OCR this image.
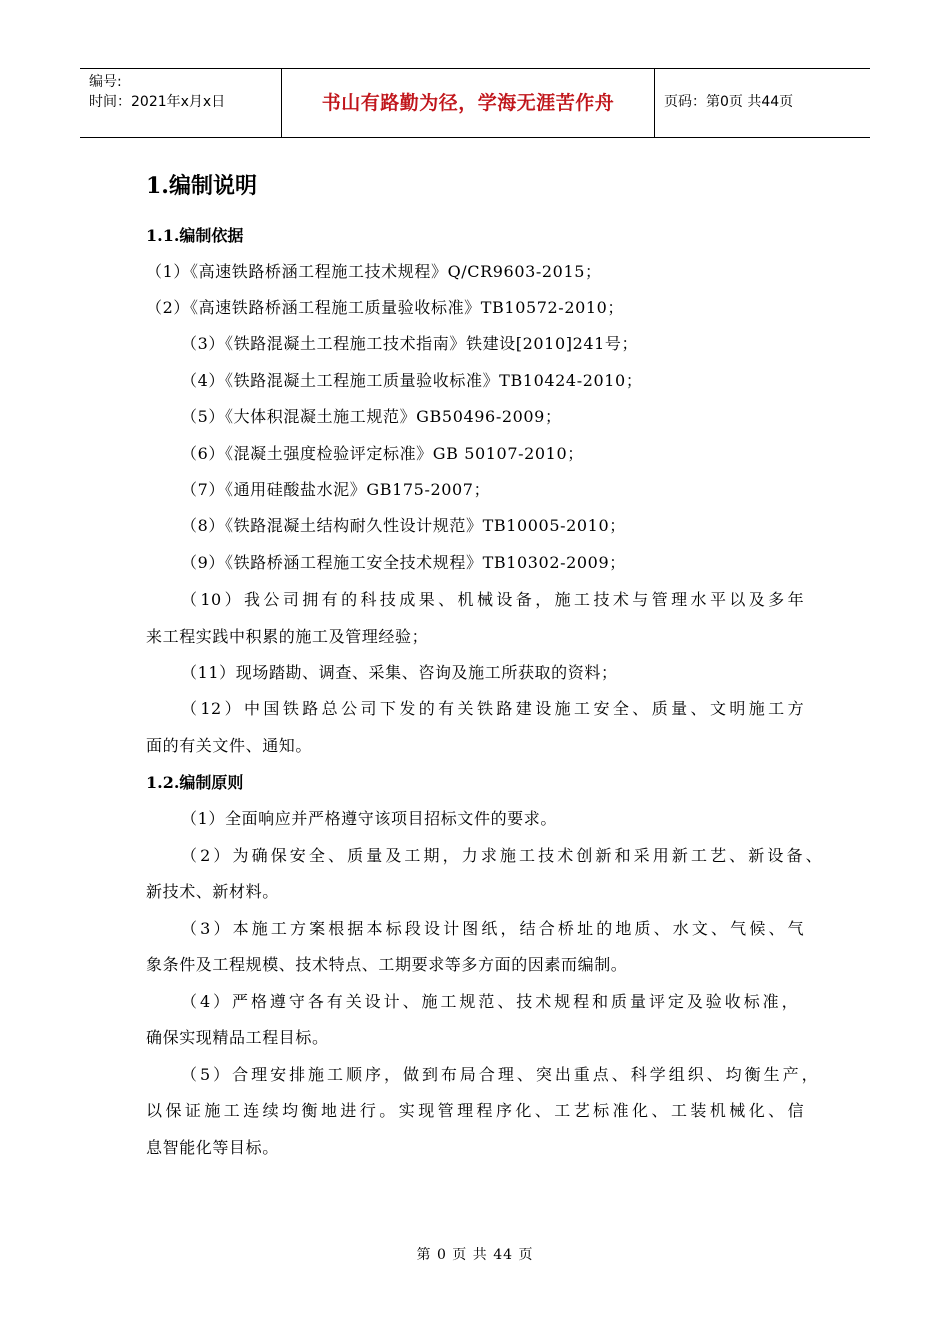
编号:
时间：2021年x月x日	书山有路勤为径，学海无涯苦作舟	页码：第0页 共44页
1.编制说明
1.1.编制依据
（1）《高速铁路桥涵工程施工技术规程》Q/CR9603-2015；
（2）《高速铁路桥涵工程施工质量验收标准》TB10572-2010；
（3）《铁路混凝土工程施工技术指南》铁建设[2010]241号；
（4）《铁路混凝土工程施工质量验收标准》TB10424-2010；
（5）《大体积混凝土施工规范》GB50496-2009；
（6）《混凝土强度检验评定标准》GB 50107-2010；
（7）《通用硅酸盐水泥》GB175-2007；
（8）《铁路混凝土结构耐久性设计规范》TB10005-2010；
（9）《铁路桥涵工程施工安全技术规程》TB10302-2009；
（10）我公司拥有的科技成果、机械设备，施工技术与管理水平以及多年
来工程实践中积累的施工及管理经验；
（11）现场踏勘、调查、采集、咨询及施工所获取的资料；
（12）中国铁路总公司下发的有关铁路建设施工安全、质量、文明施工方
面的有关文件、通知。
1.2.编制原则
（1）全面响应并严格遵守该项目招标文件的要求。
（2）为确保安全、质量及工期，力求施工技术创新和采用新工艺、新设备、
新技术、新材料。
（3）本施工方案根据本标段设计图纸，结合桥址的地质、水文、气候、气
象条件及工程规模、技术特点、工期要求等多方面的因素而编制。
（4）严格遵守各有关设计、施工规范、技术规程和质量评定及验收标准，
确保实现精品工程目标。
（5）合理安排施工顺序，做到布局合理、突出重点、科学组织、均衡生产，
以保证施工连续均衡地进行。实现管理程序化、工艺标准化、工装机械化、信
息智能化等目标。
第 0 页 共 44 页
